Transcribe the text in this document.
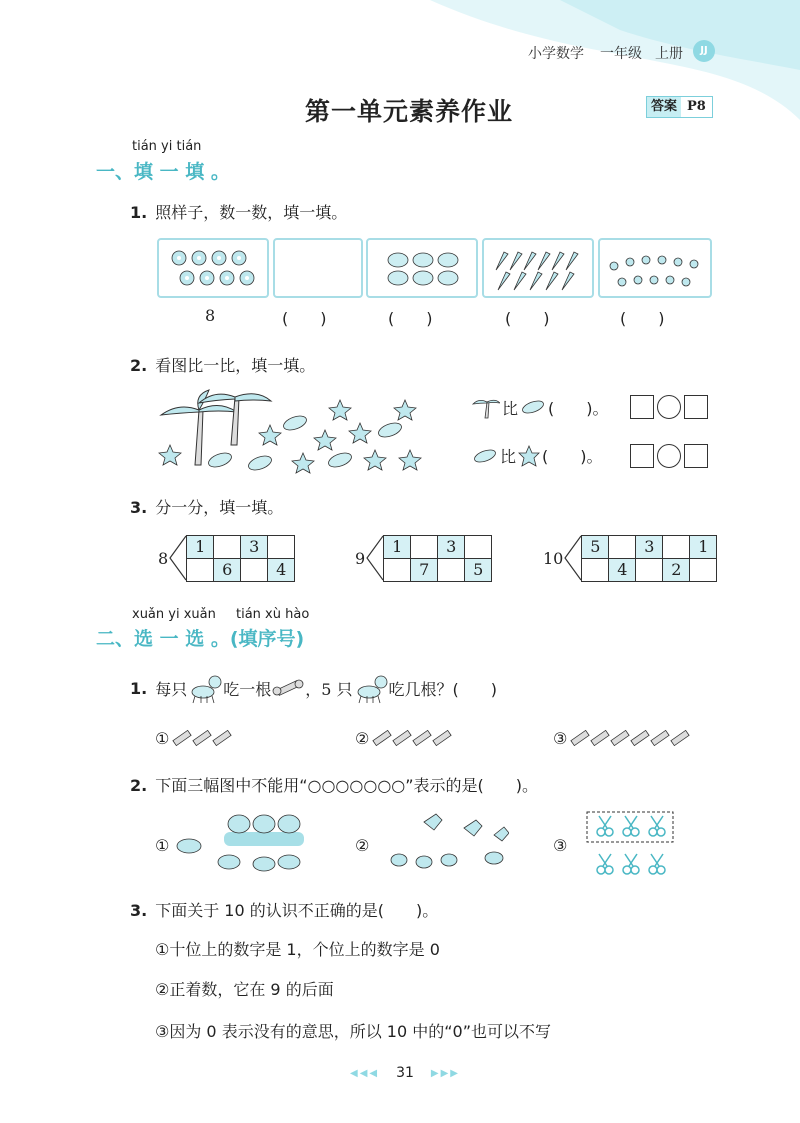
小学数学 一年级 上册	JJ
第一单元素养作业	答案 P8
tián yi tián
一、填 一 填 。
1. 照样子，数一数，填一填。
8	(　　)	(　　)	(　　)	(　　)
2. 看图比一比，填一填。
比 (　　)。
比 (　　)。
3. 分一分，填一填。
8
1		3	
	6		4
9
1		3	
	7		5
10
5		3		1
	4		2	
xuǎn yi xuǎn tián xù hào
二、选 一 选 。(填序号)
1. 每只 吃一根 ，5 只 吃几根？(　　)
①	②	③
2. 下面三幅图中不能用“○○○○○○○”表示的是(　　)。
①	②	③
3. 下面关于 10 的认识不正确的是(　　)。
①十位上的数字是 1，个位上的数字是 0
②正着数，它在 9 的后面
③因为 0 表示没有的意思，所以 10 中的“0”也可以不写
◀◀◀ 31 ▶▶▶
